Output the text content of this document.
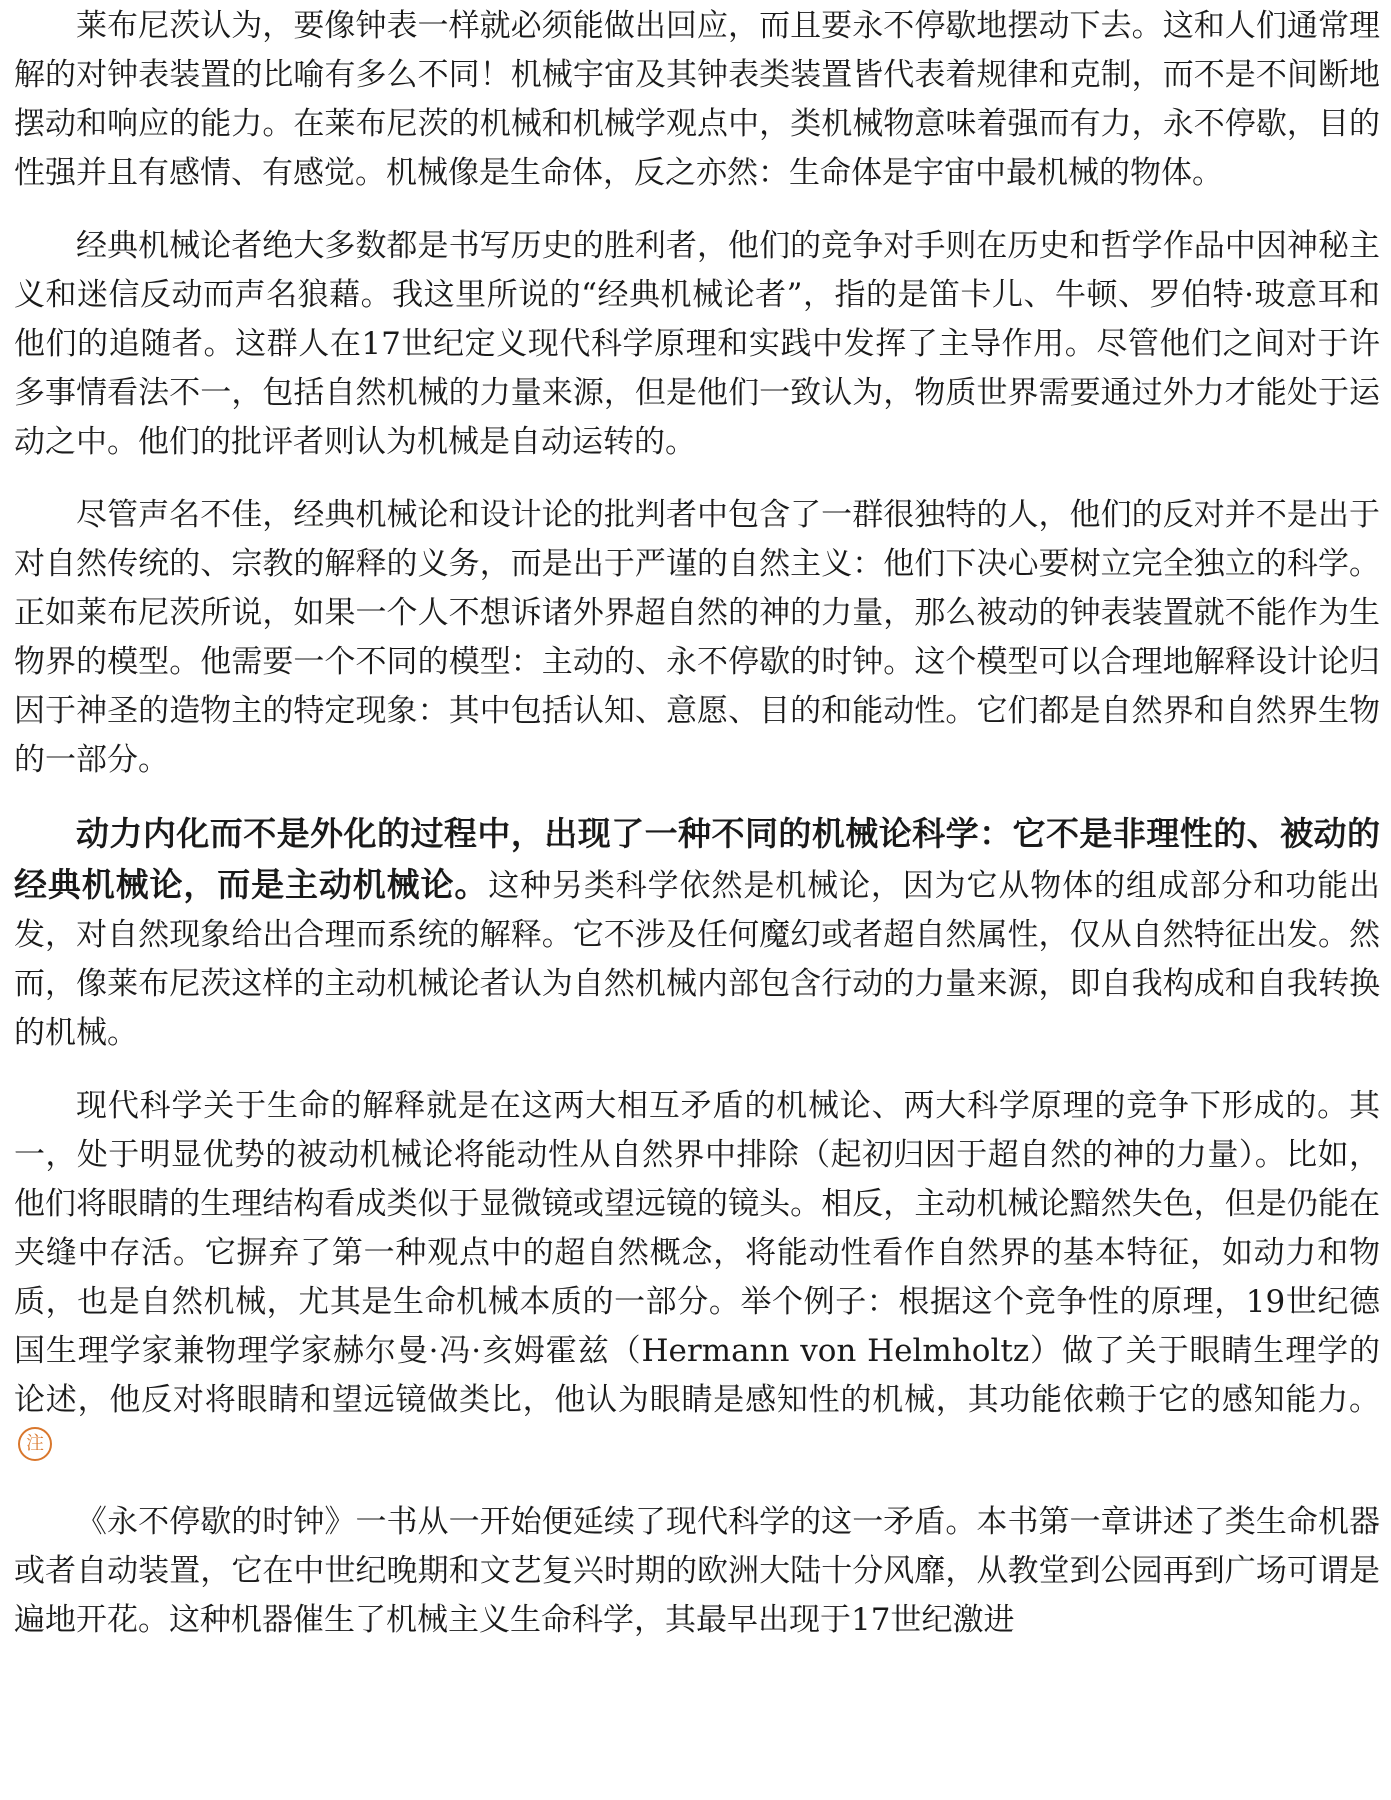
莱布尼茨认为，要像钟表一样就必须能做出回应，而且要永不停歇地摆动下去。这和人们通常理解的对钟表装置的比喻有多么不同！机械宇宙及其钟表类装置皆代表着规律和克制，而不是不间断地摆动和响应的能力。在莱布尼茨的机械和机械学观点中，类机械物意味着强而有力，永不停歇，目的性强并且有感情、有感觉。机械像是生命体，反之亦然：生命体是宇宙中最机械的物体。

经典机械论者绝大多数都是书写历史的胜利者，他们的竞争对手则在历史和哲学作品中因神秘主义和迷信反动而声名狼藉。我这里所说的“经典机械论者”，指的是笛卡儿、牛顿、罗伯特·玻意耳和他们的追随者。这群人在17世纪定义现代科学原理和实践中发挥了主导作用。尽管他们之间对于许多事情看法不一，包括自然机械的力量来源，但是他们一致认为，物质世界需要通过外力才能处于运动之中。他们的批评者则认为机械是自动运转的。

尽管声名不佳，经典机械论和设计论的批判者中包含了一群很独特的人，他们的反对并不是出于对自然传统的、宗教的解释的义务，而是出于严谨的自然主义：他们下决心要树立完全独立的科学。正如莱布尼茨所说，如果一个人不想诉诸外界超自然的神的力量，那么被动的钟表装置就不能作为生物界的模型。他需要一个不同的模型：主动的、永不停歇的时钟。这个模型可以合理地解释设计论归因于神圣的造物主的特定现象：其中包括认知、意愿、目的和能动性。它们都是自然界和自然界生物的一部分。

动力内化而不是外化的过程中，出现了一种不同的机械论科学：它不是非理性的、被动的经典机械论，而是主动机械论。这种另类科学依然是机械论，因为它从物体的组成部分和功能出发，对自然现象给出合理而系统的解释。它不涉及任何魔幻或者超自然属性，仅从自然特征出发。然而，像莱布尼茨这样的主动机械论者认为自然机械内部包含行动的力量来源，即自我构成和自我转换的机械。

现代科学关于生命的解释就是在这两大相互矛盾的机械论、两大科学原理的竞争下形成的。其一，处于明显优势的被动机械论将能动性从自然界中排除（起初归因于超自然的神的力量）。比如，他们将眼睛的生理结构看成类似于显微镜或望远镜的镜头。相反，主动机械论黯然失色，但是仍能在夹缝中存活。它摒弃了第一种观点中的超自然概念，将能动性看作自然界的基本特征，如动力和物质，也是自然机械，尤其是生命机械本质的一部分。举个例子：根据这个竞争性的原理，19世纪德国生理学家兼物理学家赫尔曼·冯·亥姆霍兹（Hermann von Helmholtz）做了关于眼睛生理学的论述，他反对将眼睛和望远镜做类比，他认为眼睛是感知性的机械，其功能依赖于它的感知能力。注

《永不停歇的时钟》一书从一开始便延续了现代科学的这一矛盾。本书第一章讲述了类生命机器或者自动装置，它在中世纪晚期和文艺复兴时期的欧洲大陆十分风靡，从教堂到公园再到广场可谓是遍地开花。这种机器催生了机械主义生命科学，其最早出现于17世纪激进
